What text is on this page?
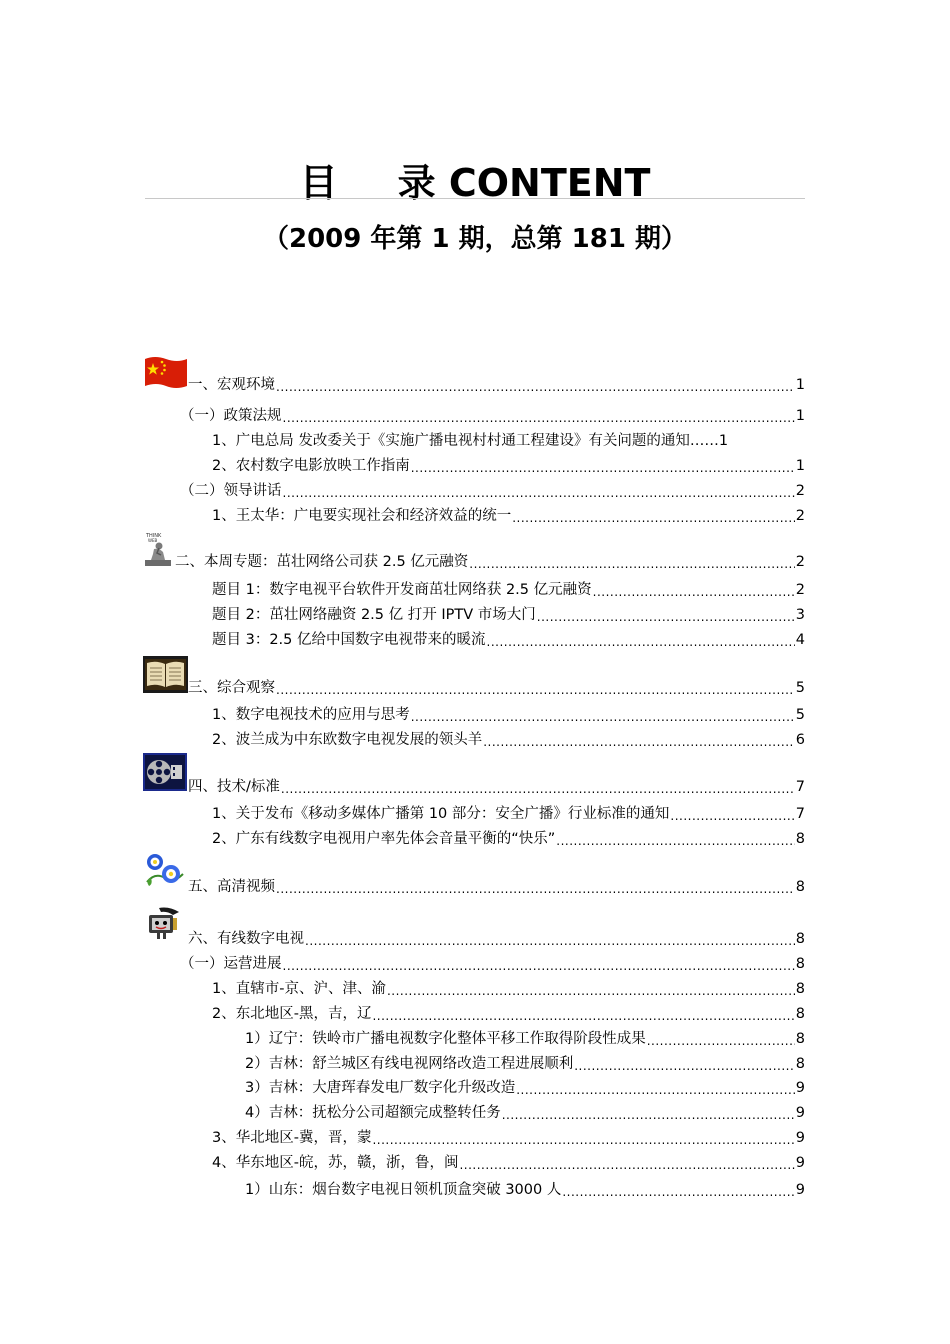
目 录 CONTENT
（2009 年第 1 期，总第 181 期）
THINK
WEB
一、宏观环境 .....	1
（一）政策法规 .....	1
1、广电总局 发改委关于《实施广播电视村村通工程建设》有关问题的通知…… 1
2、农村数字电影放映工作指南 .....	1
（二）领导讲话 .....	2
1、王太华：广电要实现社会和经济效益的统一 .....	2
二、本周专题：茁壮网络公司获 2.5 亿元融资 .....	2
题目 1：数字电视平台软件开发商茁壮网络获 2.5 亿元融资 .....	2
题目 2：茁壮网络融资 2.5 亿 打开 IPTV 市场大门 .....	3
题目 3：2.5 亿给中国数字电视带来的暖流 .....	4
三、综合观察 .....	5
1、数字电视技术的应用与思考 .....	5
2、波兰成为中东欧数字电视发展的领头羊 .....	6
四、技术/标准 .....	7
1、关于发布《移动多媒体广播第 10 部分：安全广播》行业标准的通知 .....	7
2、广东有线数字电视用户率先体会音量平衡的“快乐” .....	8
五、高清视频 .....	8
六、有线数字电视 .....	8
（一）运营进展 .....	8
1、直辖市-京、沪、津、渝 .....	8
2、东北地区-黑，吉，辽 .....	8
1）辽宁：铁岭市广播电视数字化整体平移工作取得阶段性成果 .....	8
2）吉林：舒兰城区有线电视网络改造工程进展顺利 .....	8
3）吉林：大唐珲春发电厂数字化升级改造 .....	9
4）吉林：抚松分公司超额完成整转任务 .....	9
3、华北地区-冀，晋，蒙 .....	9
4、华东地区-皖，苏，赣，浙，鲁，闽 .....	9
1）山东：烟台数字电视日领机顶盒突破 3000 人 .....	9
